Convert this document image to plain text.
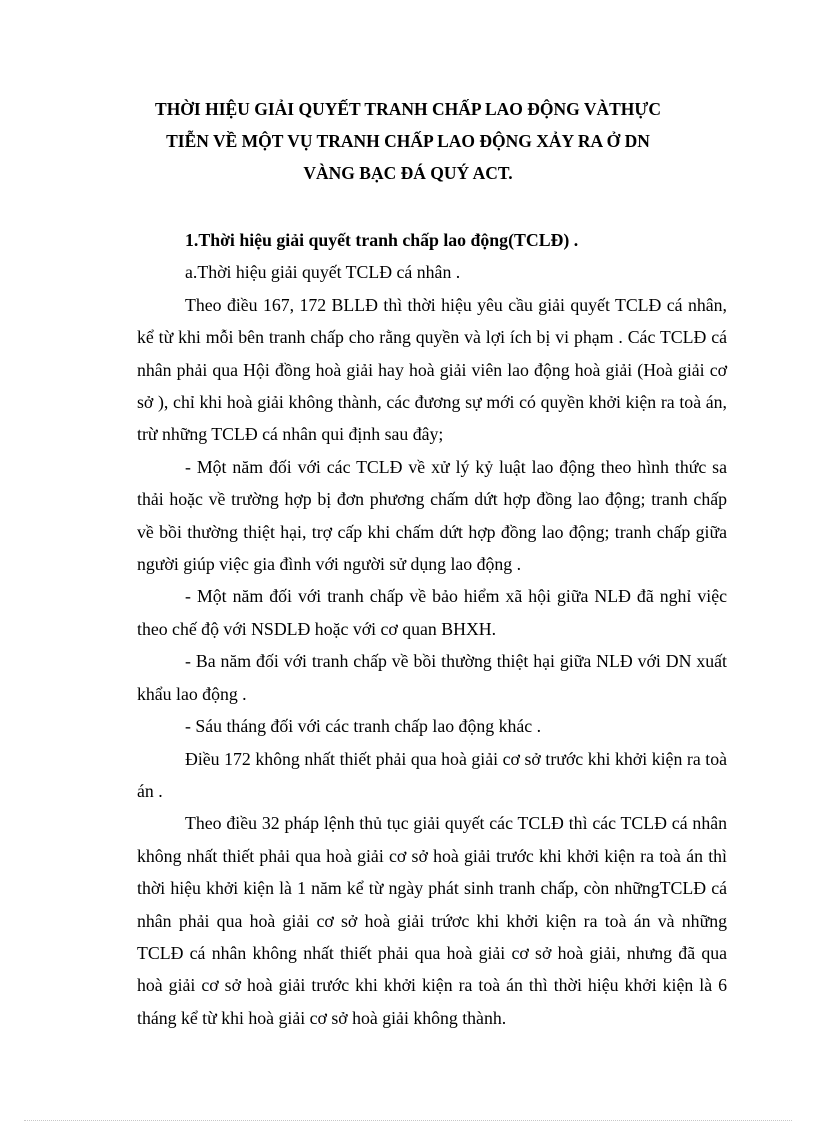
THỜI HIỆU GIẢI QUYẾT TRANH CHẤP LAO ĐỘNG VÀTHỰC
TIỄN VỀ MỘT VỤ TRANH CHẤP LAO ĐỘNG XẢY RA Ở DN
VÀNG BẠC ĐÁ QUÝ ACT.

1.Thời hiệu giải quyết tranh chấp lao động(TCLĐ) .

a.Thời hiệu giải quyết TCLĐ cá nhân .

Theo điều 167, 172 BLLĐ thì thời hiệu yêu cầu giải quyết TCLĐ cá nhân, kể từ khi mỗi bên tranh chấp cho rằng quyền và lợi ích bị vi phạm . Các TCLĐ cá nhân phải qua Hội đồng hoà giải hay hoà giải viên lao động hoà giải (Hoà giải cơ sở ), chỉ khi hoà giải không thành, các đương sự mới có quyền khởi kiện ra toà án, trừ những TCLĐ cá nhân qui định sau đây;

- Một năm đối với các TCLĐ về xử lý kỷ luật lao động theo hình thức sa thải hoặc về trường hợp bị đơn phương chấm dứt hợp đồng lao động; tranh chấp về bồi thường thiệt hại, trợ cấp khi chấm dứt hợp đồng lao động; tranh chấp giữa người giúp việc gia đình với người sử dụng lao động .

- Một năm đối với tranh chấp về bảo hiểm xã hội giữa NLĐ đã nghỉ việc theo chế độ với NSDLĐ hoặc với cơ quan BHXH.

- Ba năm đối với tranh chấp về bồi thường thiệt hại giữa NLĐ với DN xuất khẩu lao động .

- Sáu tháng đối với các tranh chấp lao động khác .

Điều 172 không nhất thiết phải qua hoà giải cơ sở trước khi khởi kiện ra toà án .

Theo điều 32 pháp lệnh thủ tục giải quyết các TCLĐ thì các TCLĐ cá nhân không nhất thiết phải qua hoà giải cơ sở hoà giải trước khi khởi kiện ra toà án thì thời hiệu khởi kiện là 1 năm kể từ ngày phát sinh tranh chấp, còn nhữngTCLĐ cá nhân phải qua hoà giải cơ sở hoà giải trứơc khi khởi kiện ra toà án và những TCLĐ cá nhân không nhất thiết phải qua hoà giải cơ sở hoà giải, nhưng đã qua hoà giải cơ sở hoà giải trước khi khởi kiện ra toà án thì thời hiệu khởi kiện là 6 tháng kể từ khi hoà giải cơ sở hoà giải không thành.
